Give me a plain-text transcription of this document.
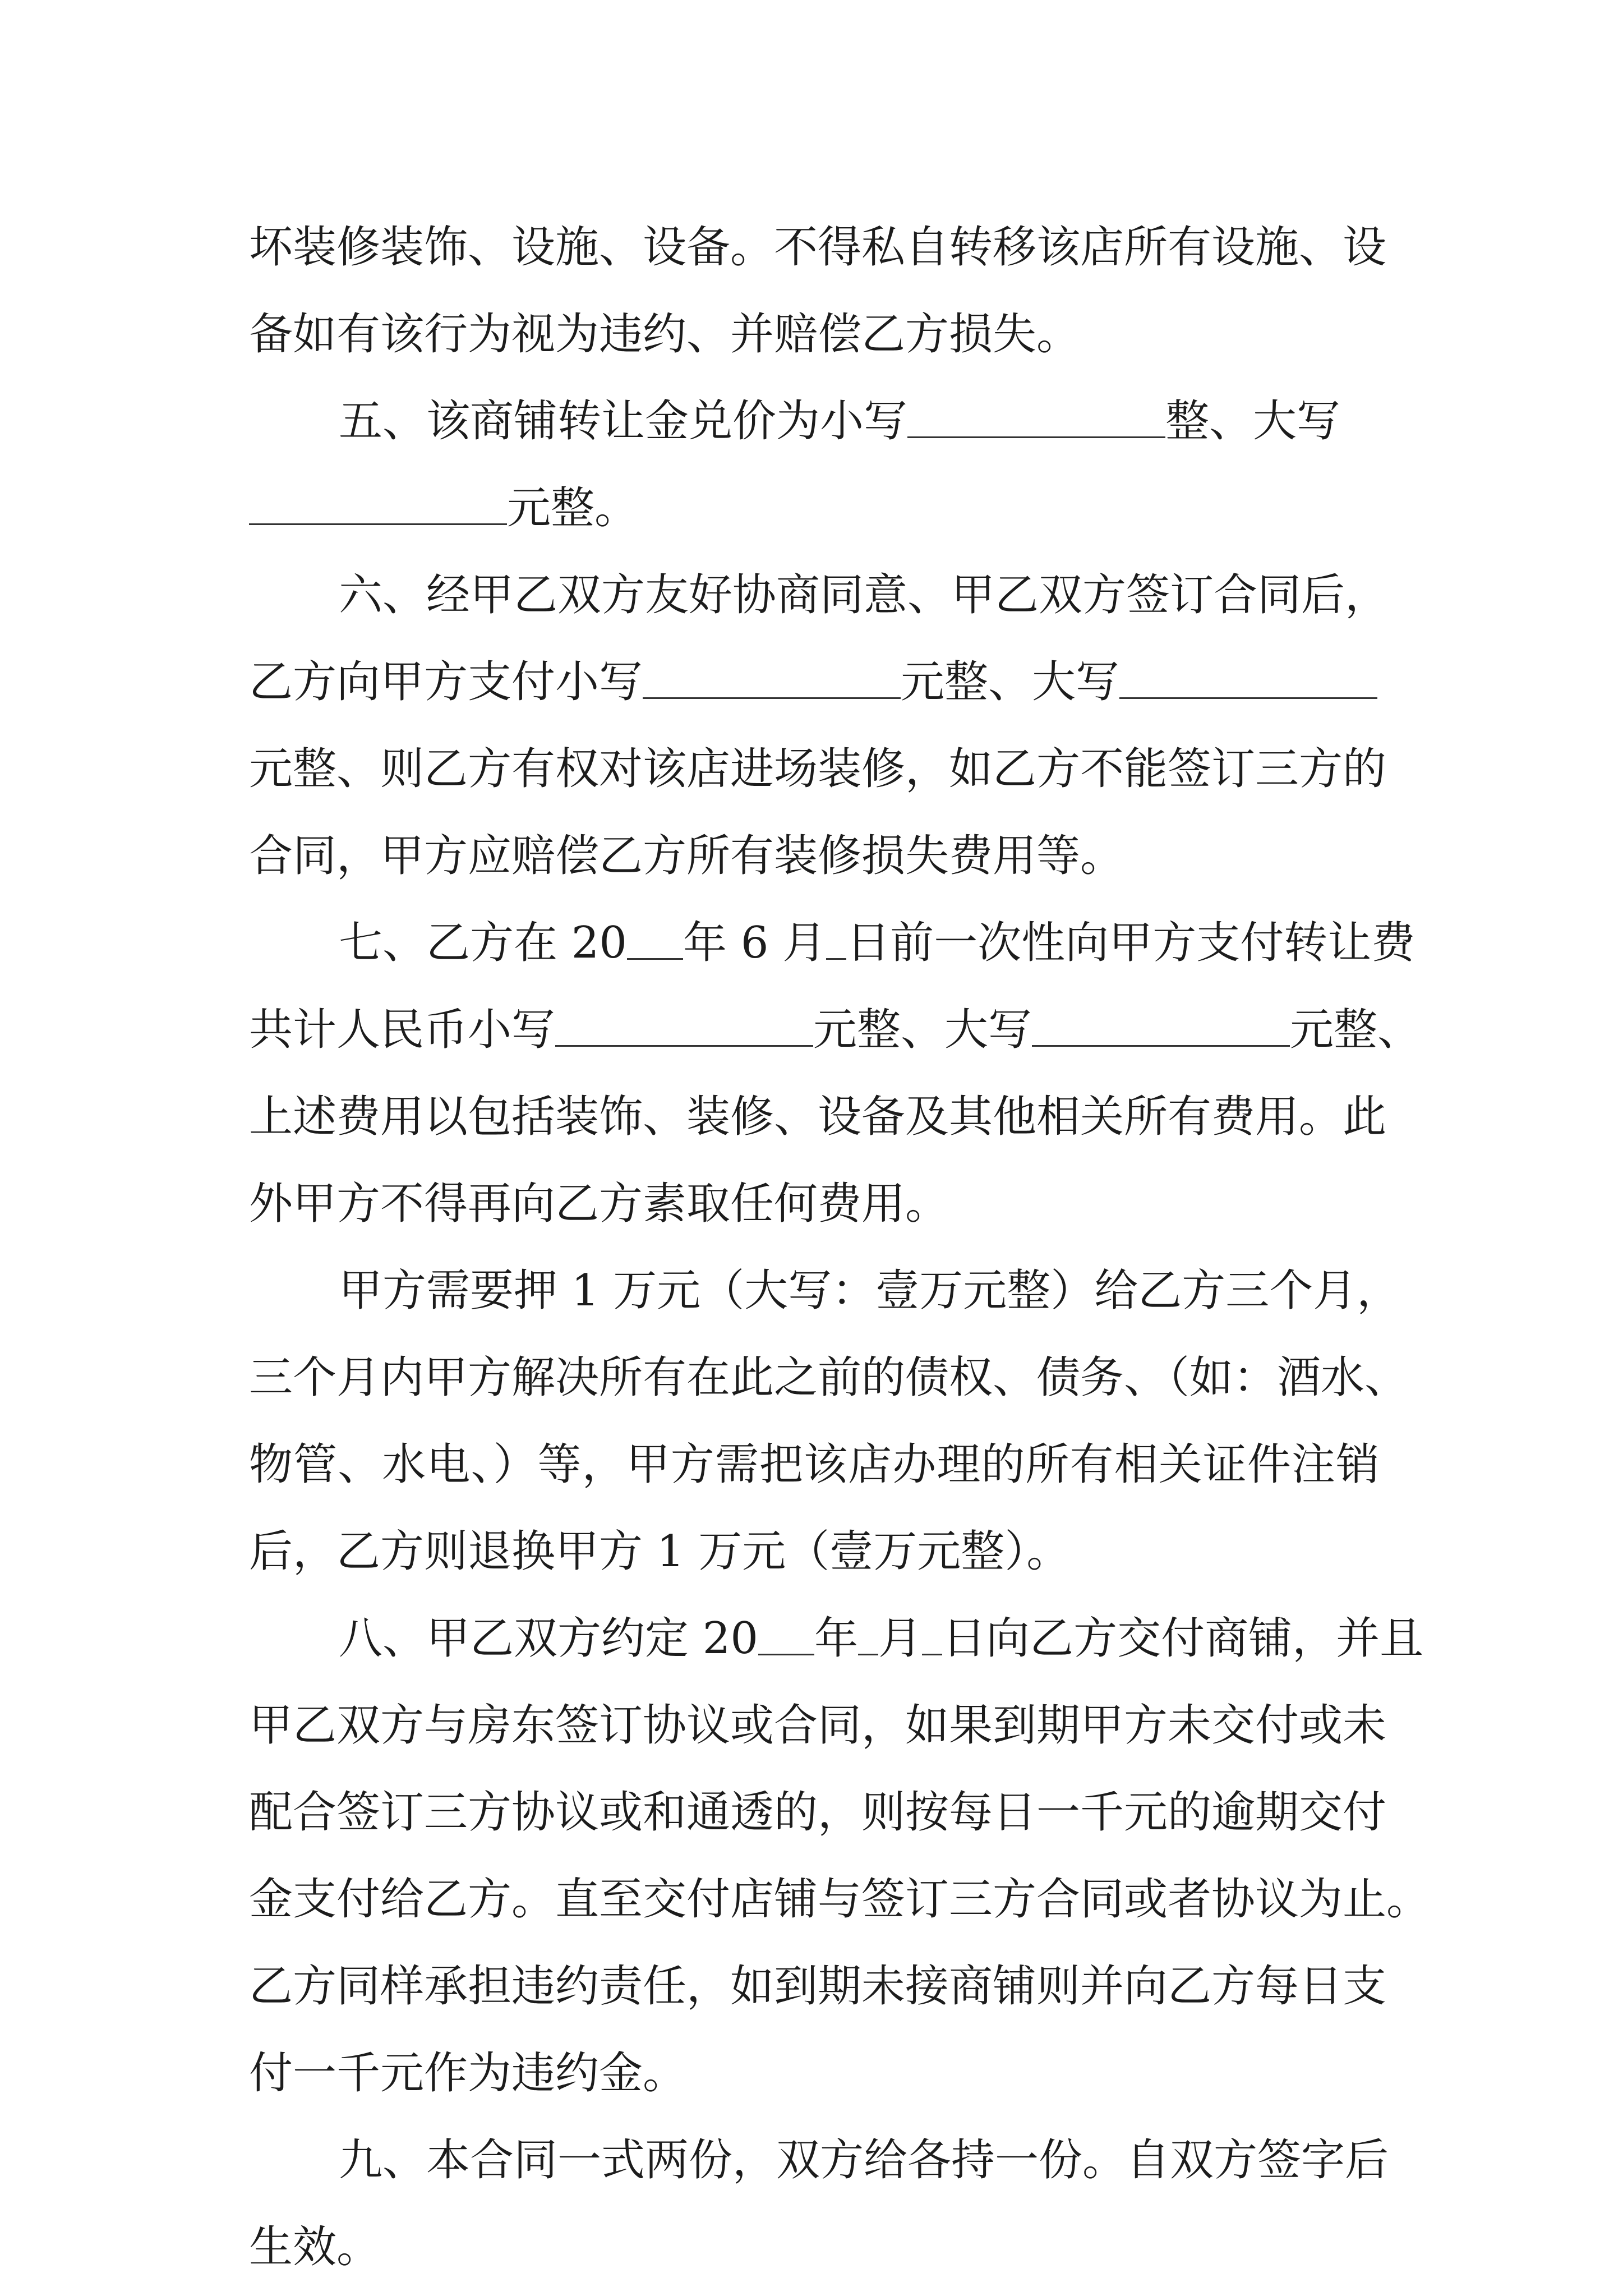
坏装修装饰、设施、设备。不得私自转移该店所有设施、设
备如有该行为视为违约、并赔偿乙方损失。
五、该商铺转让金兑价为小写	整、大写
元整。
六、经甲乙双方友好协商同意、甲乙双方签订合同后，
乙方向甲方支付小写	元整、大写
元整、则乙方有权对该店进场装修，如乙方不能签订三方的
合同，甲方应赔偿乙方所有装修损失费用等。
七、乙方在 20 年 6 月 日前一次性向甲方支付转让费
共计人民币小写	元整、大写	元整、
上述费用以包括装饰、装修、设备及其他相关所有费用。此
外甲方不得再向乙方素取任何费用。
甲方需要押 1 万元（大写：壹万元整）给乙方三个月，
三个月内甲方解决所有在此之前的债权、债务、（如：酒水、
物管、水电、）等，甲方需把该店办理的所有相关证件注销
后，乙方则退换甲方 1 万元（壹万元整）。
八、甲乙双方约定 20 年 月 日向乙方交付商铺，并且
甲乙双方与房东签订协议或合同，如果到期甲方未交付或未
配合签订三方协议或和通透的，则按每日一千元的逾期交付
金支付给乙方。直至交付店铺与签订三方合同或者协议为止。
乙方同样承担违约责任，如到期未接商铺则并向乙方每日支
付一千元作为违约金。
九、本合同一式两份，双方给各持一份。自双方签字后
生效。
